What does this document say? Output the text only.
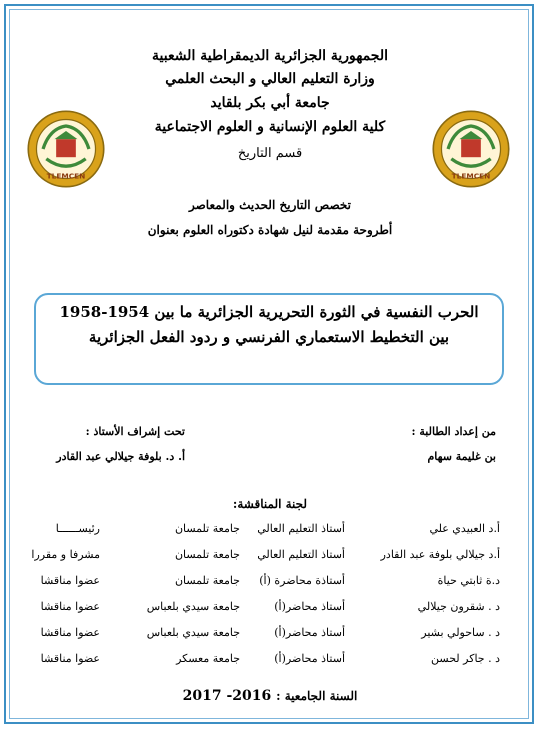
الجمهورية الجزائرية الديمقراطية الشعبية
وزارة التعليم العالي و البحث العلمي
جامعة أبي بكر بلقايد
كلية العلوم الإنسانية و العلوم الاجتماعية
قسم التاريخ
TLEMCEN	TLEMCEN
تخصص التاريخ الحديث والمعاصر
أطروحة مقدمة لنيل شهادة دكتوراه العلوم بعنوان
الحرب النفسية في الثورة التحريرية الجزائرية ما بين 1954-1958
بين التخطيط الاستعماري الفرنسي و ردود الفعل الجزائرية
من إعداد الطالبة :
بن غليمة سهام
تحت إشراف الأستاذ :
أ. د. بلوفة جيلالي عبد القادر
لجنة المناقشة:
أ.د العبيدي علي
أستاذ التعليم العالي
جامعة تلمسان
رئيســــــا
أ.د جيلالي بلوفة عبد القادر
أستاذ التعليم العالي
جامعة تلمسان
مشرفا و مقررا
د.ة ثابتي حياة
أستاذة محاضرة (أ)
جامعة تلمسان
عضوا مناقشا
د . شقرون جيلالي
أستاذ محاضر(أ)
جامعة سيدي بلعباس
عضوا مناقشا
د . ساحولي بشير
أستاذ محاضر(أ)
جامعة سيدي بلعباس
عضوا مناقشا
د . جاكر لحسن
أستاذ محاضر(أ)
جامعة معسكر
عضوا مناقشا
السنة الجامعية : 2016- 2017
